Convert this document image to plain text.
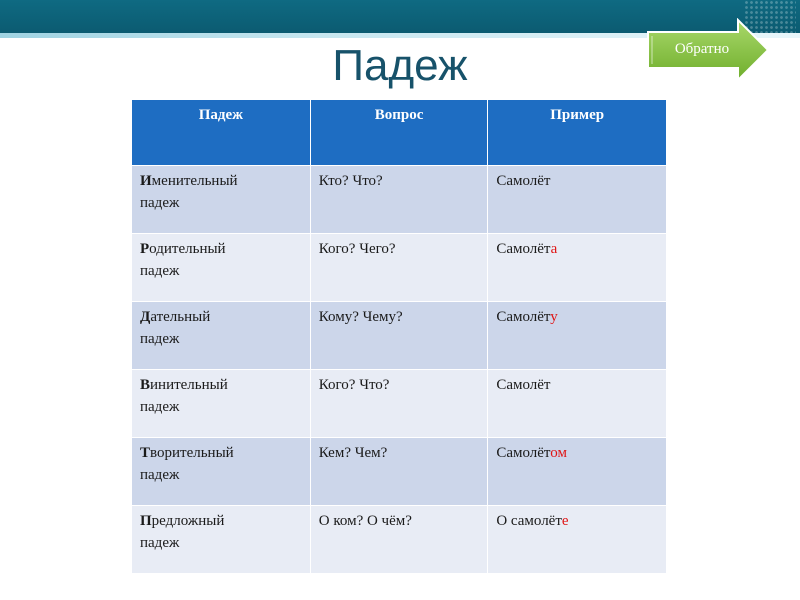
Падеж	Обратно
Падеж	Вопрос	Пример
Именительный
падеж	Кто? Что?	Самолёт
Родительный
падеж	Кого? Чего?	Самолёта
Дательный
падеж	Кому? Чему?	Самолёту
Винительный
падеж	Кого? Что?	Самолёт
Творительный
падеж	Кем? Чем?	Самолётом
Предложный
падеж	О ком? О чём?	О самолёте
